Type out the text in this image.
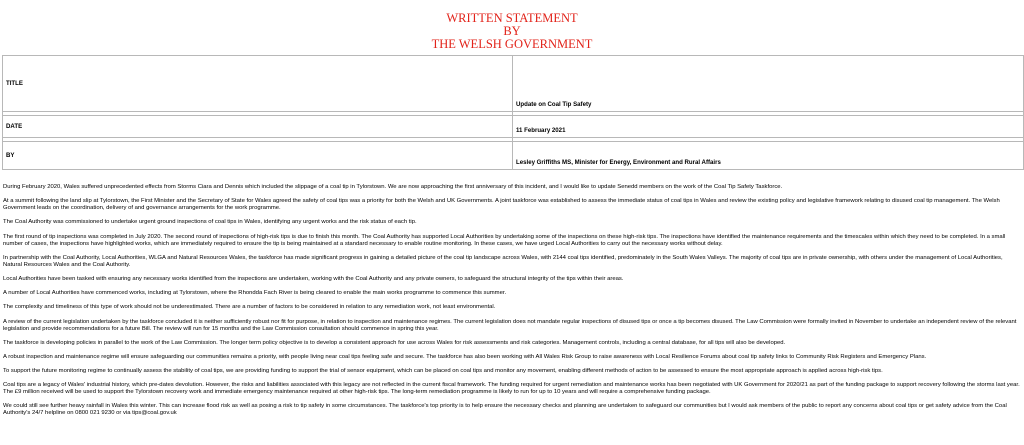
WRITTEN STATEMENT
BY
THE WELSH GOVERNMENT
TITLE	Update on Coal Tip Safety

DATE	11 February 2021

BY	Lesley Griffiths MS, Minister for Energy, Environment and Rural Affairs

During February 2020, Wales suffered unprecedented effects from Storms Ciara and Dennis which included the slippage of a coal tip in Tylorstown. We are now approaching the first anniversary of this incident, and I would like to update Senedd members on the work of the Coal Tip Safety Taskforce.

At a summit following the land slip at Tylorstown, the First Minister and the Secretary of State for Wales agreed the safety of coal tips was a priority for both the Welsh and UK Governments. A joint taskforce was established to assess the immediate status of coal tips in Wales and review the existing policy and legislative framework relating to disused coal tip management. The Welsh Government leads on the coordination, delivery of and governance arrangements for the work programme.

The Coal Authority was commissioned to undertake urgent ground inspections of coal tips in Wales, identifying any urgent works and the risk status of each tip.

The first round of tip inspections was completed in July 2020. The second round of inspections of high-risk tips is due to finish this month. The Coal Authority has supported Local Authorities by undertaking some of the inspections on these high-risk tips. The inspections have identified the maintenance requirements and the timescales within which they need to be completed. In a small number of cases, the inspections have highlighted works, which are immediately required to ensure the tip is being maintained at a standard necessary to enable routine monitoring. In these cases, we have urged Local Authorities to carry out the necessary works without delay.

In partnership with the Coal Authority, Local Authorities, WLGA and Natural Resources Wales, the taskforce has made significant progress in gaining a detailed picture of the coal tip landscape across Wales, with 2144 coal tips identified, predominately in the South Wales Valleys. The majority of coal tips are in private ownership, with others under the management of Local Authorities, Natural Resources Wales and the Coal Authority.

Local Authorities have been tasked with ensuring any necessary works identified from the inspections are undertaken, working with the Coal Authority and any private owners, to safeguard the structural integrity of the tips within their areas.

A number of Local Authorities have commenced works, including at Tylorstown, where the Rhondda Fach River is being cleared to enable the main works programme to commence this summer.

The complexity and timeliness of this type of work should not be underestimated. There are a number of factors to be considered in relation to any remediation work, not least environmental.

A review of the current legislation undertaken by the taskforce concluded it is neither sufficiently robust nor fit for purpose, in relation to inspection and maintenance regimes. The current legislation does not mandate regular inspections of disused tips or once a tip becomes disused. The Law Commission were formally invited in November to undertake an independent review of the relevant legislation and provide recommendations for a future Bill. The review will run for 15 months and the Law Commission consultation should commence in spring this year.

The taskforce is developing policies in parallel to the work of the Law Commission. The longer term policy objective is to develop a consistent approach for use across Wales for risk assessments and risk categories. Management controls, including a central database, for all tips will also be developed.

A robust inspection and maintenance regime will ensure safeguarding our communities remains a priority, with people living near coal tips feeling safe and secure. The taskforce has also been working with All Wales Risk Group to raise awareness with Local Resilience Forums about coal tip safety links to Community Risk Registers and Emergency Plans.

To support the future monitoring regime to continually assess the stability of coal tips, we are providing funding to support the trial of sensor equipment, which can be placed on coal tips and monitor any movement, enabling different methods of action to be assessed to ensure the most appropriate approach is applied across high-risk tips.

Coal tips are a legacy of Wales' industrial history, which pre-dates devolution. However, the risks and liabilities associated with this legacy are not reflected in the current fiscal framework. The funding required for urgent remediation and maintenance works has been negotiated with UK Government for 2020/21 as part of the funding package to support recovery following the storms last year. The £9 million received will be used to support the Tylorstown recovery work and immediate emergency maintenance required at other high-risk tips. The long-term remediation programme is likely to run for up to 10 years and will require a comprehensive funding package.

We could still see further heavy rainfall in Wales this winter. This can increase flood risk as well as posing a risk to tip safety in some circumstances. The taskforce's top priority is to help ensure the necessary checks and planning are undertaken to safeguard our communities but I would ask members of the public to report any concerns about coal tips or get safety advice from the Coal Authority's 24/7 helpline on 0800 021 9230 or via tips@coal.gov.uk
